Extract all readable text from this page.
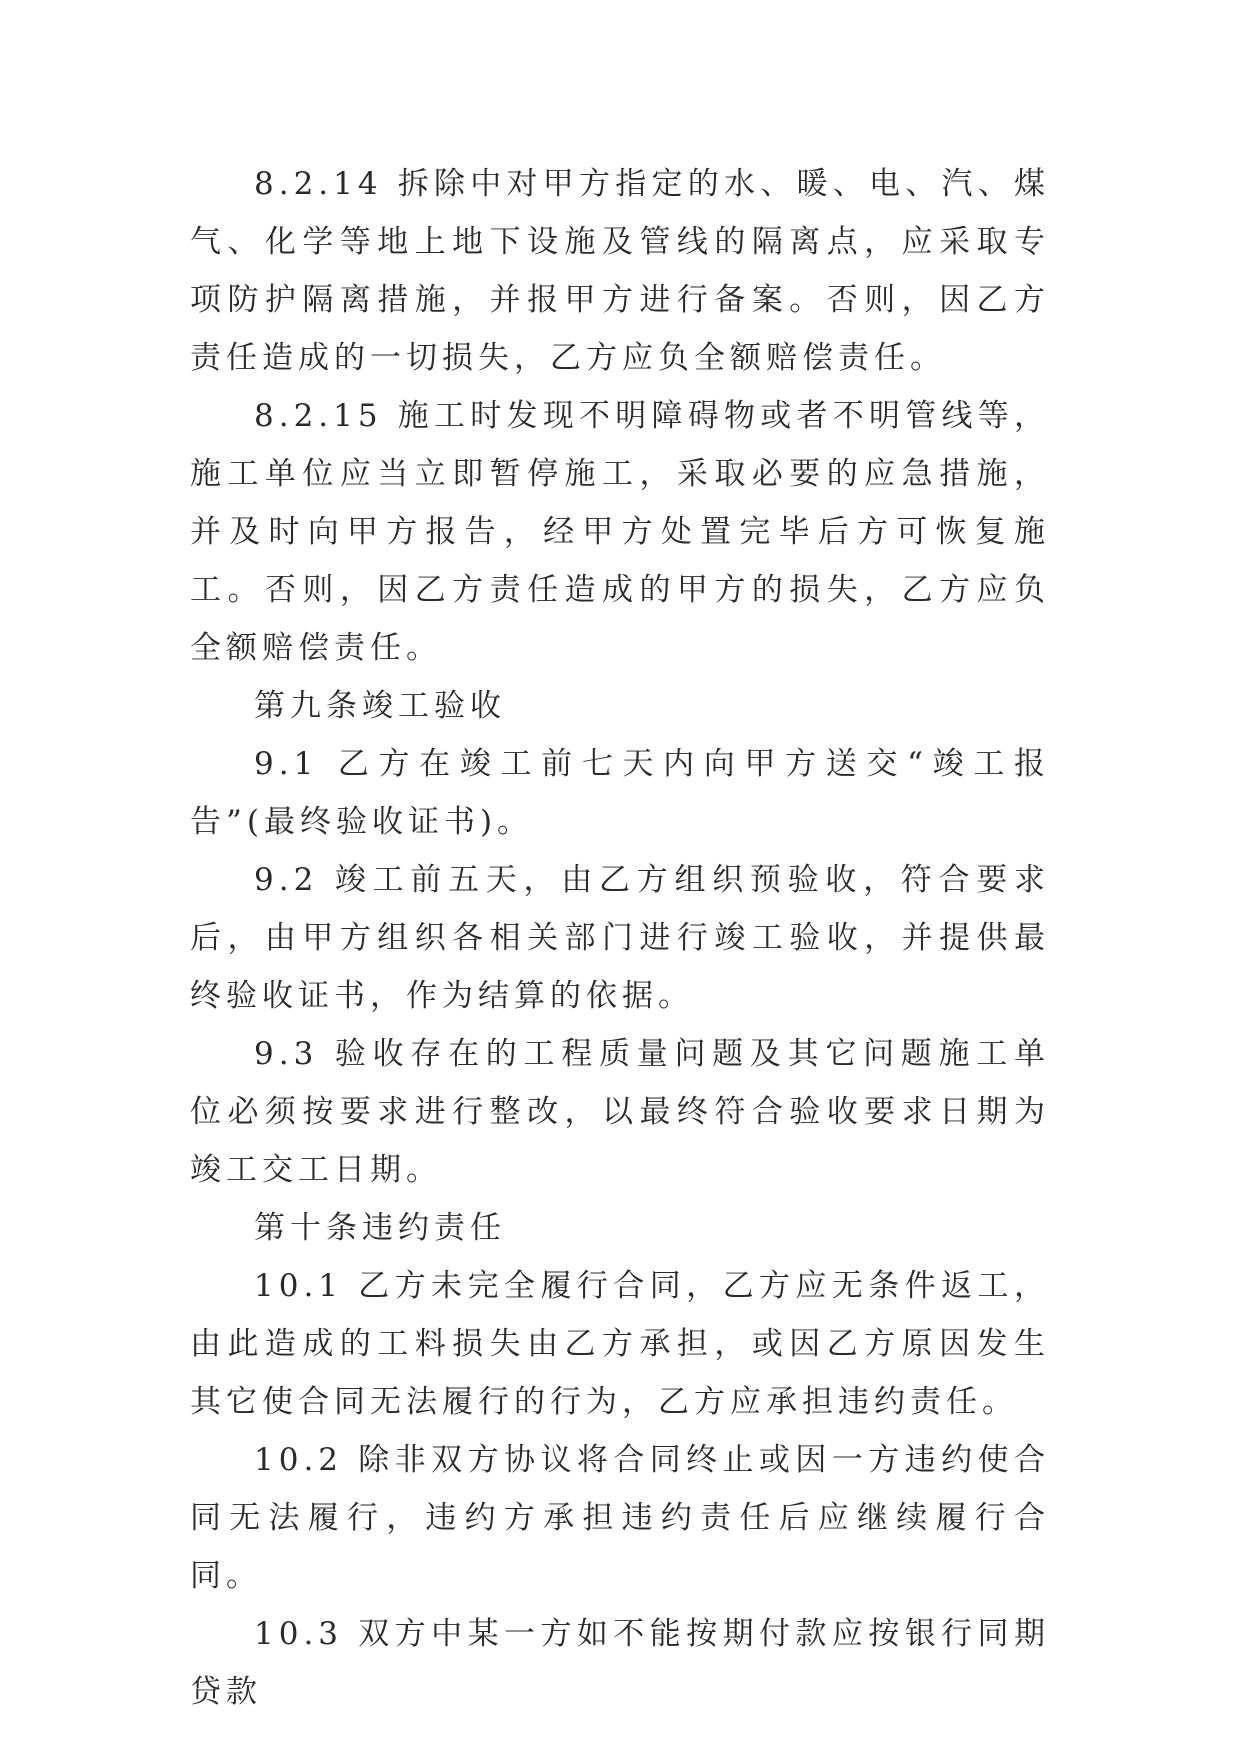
8.2.14 拆除中对甲方指定的水、暖、电、汽、煤气、化学等地上地下设施及管线的隔离点，应采取专项防护隔离措施，并报甲方进行备案。否则，因乙方责任造成的一切损失，乙方应负全额赔偿责任。

8.2.15 施工时发现不明障碍物或者不明管线等，施工单位应当立即暂停施工，采取必要的应急措施，并及时向甲方报告，经甲方处置完毕后方可恢复施工。否则，因乙方责任造成的甲方的损失，乙方应负全额赔偿责任。

第九条竣工验收

9.1 乙方在竣工前七天内向甲方送交“竣工报告”(最终验收证书)。

9.2 竣工前五天，由乙方组织预验收，符合要求后，由甲方组织各相关部门进行竣工验收，并提供最终验收证书，作为结算的依据。

9.3 验收存在的工程质量问题及其它问题施工单位必须按要求进行整改，以最终符合验收要求日期为竣工交工日期。

第十条违约责任

10.1 乙方未完全履行合同，乙方应无条件返工，由此造成的工料损失由乙方承担，或因乙方原因发生其它使合同无法履行的行为，乙方应承担违约责任。

10.2 除非双方协议将合同终止或因一方违约使合同无法履行，违约方承担违约责任后应继续履行合同。

10.3 双方中某一方如不能按期付款应按银行同期贷款
